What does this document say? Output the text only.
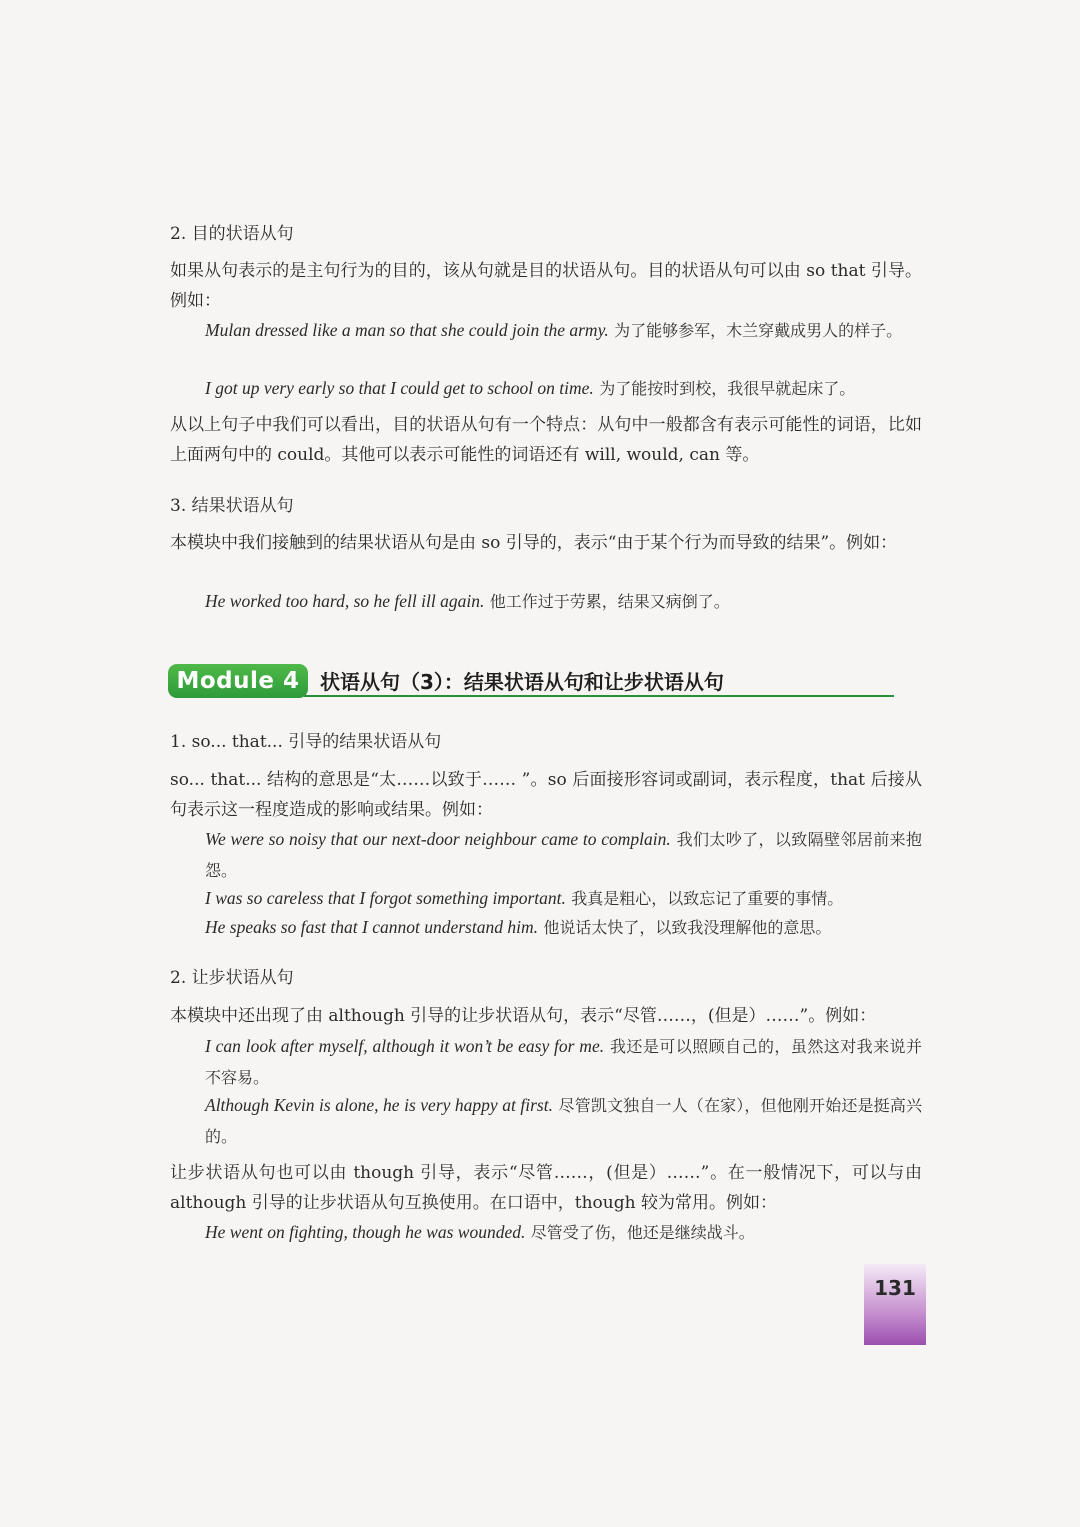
2. 目的状语从句

如果从句表示的是主句行为的目的，该从句就是目的状语从句。目的状语从句可以由 so that 引导。例如：

Mulan dressed like a man so that she could join the army. 为了能够参军，木兰穿戴成男人的样子。

I got up very early so that I could get to school on time. 为了能按时到校，我很早就起床了。

从以上句子中我们可以看出，目的状语从句有一个特点：从句中一般都含有表示可能性的词语，比如上面两句中的 could。其他可以表示可能性的词语还有 will, would, can 等。

3. 结果状语从句

本模块中我们接触到的结果状语从句是由 so 引导的，表示“由于某个行为而导致的结果”。例如：

He worked too hard, so he fell ill again. 他工作过于劳累，结果又病倒了。

Module 4	状语从句（3）：结果状语从句和让步状语从句

1. so... that... 引导的结果状语从句

so... that... 结构的意思是“太……以致于…… ”。so 后面接形容词或副词，表示程度，that 后接从句表示这一程度造成的影响或结果。例如：

We were so noisy that our next-door neighbour came to complain. 我们太吵了，以致隔壁邻居前来抱怨。

I was so careless that I forgot something important. 我真是粗心，以致忘记了重要的事情。

He speaks so fast that I cannot understand him. 他说话太快了，以致我没理解他的意思。

2. 让步状语从句

本模块中还出现了由 although 引导的让步状语从句，表示“尽管……，(但是）……”。例如：

I can look after myself, although it won’t be easy for me. 我还是可以照顾自己的，虽然这对我来说并不容易。

Although Kevin is alone, he is very happy at first. 尽管凯文独自一人（在家），但他刚开始还是挺高兴的。

让步状语从句也可以由 though 引导，表示“尽管……，(但是）……”。在一般情况下，可以与由 although 引导的让步状语从句互换使用。在口语中，though 较为常用。例如：

He went on fighting, though he was wounded. 尽管受了伤，他还是继续战斗。

131
